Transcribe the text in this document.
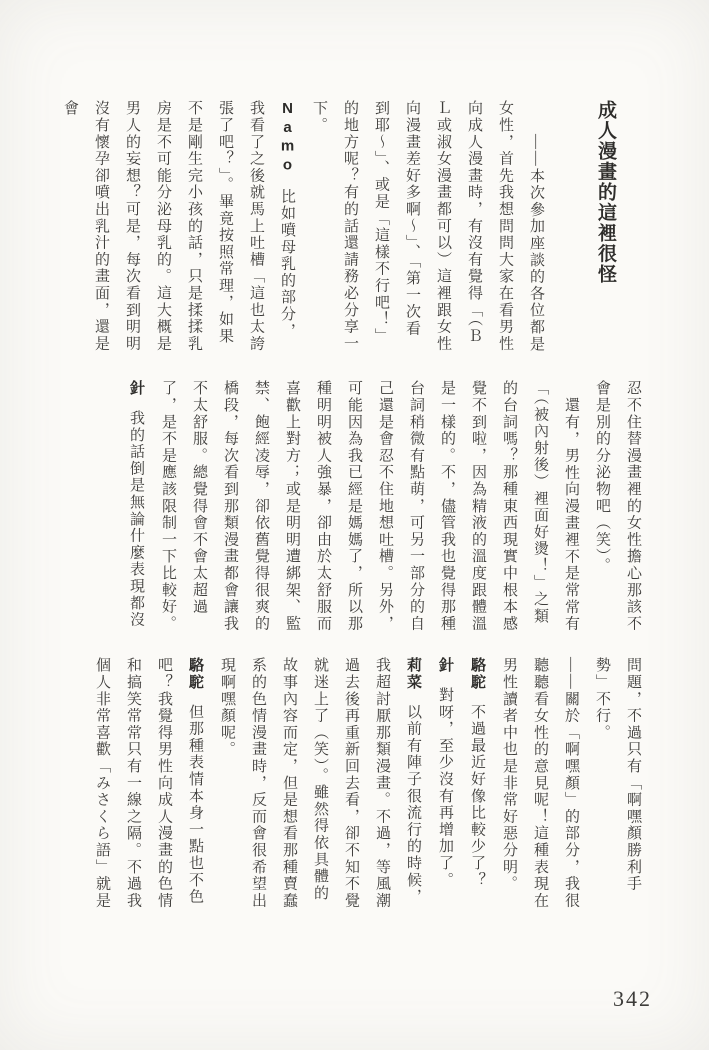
成人漫畫的這裡很怪

——本次參加座談的各位都是女性，首先我想問問大家在看男性向成人漫畫時，有沒有覺得「（ＢＬ或淑女漫畫都可以）這裡跟女性向漫畫差好多啊～」、「第一次看到耶～」、或是「這樣不行吧！」的地方呢？有的話還請務必分享一下。

Namo比如噴母乳的部分，我看了之後就馬上吐槽「這也太誇張了吧？」。畢竟按照常理，如果不是剛生完小孩的話，只是揉揉乳房是不可能分泌母乳的。這大概是男人的妄想？可是，每次看到明明沒有懷孕卻噴出乳汁的畫面，還是會

忍不住替漫畫裡的女性擔心那該不會是別的分泌物吧（笑）。

還有，男性向漫畫裡不是常常有「（被內射後）裡面好燙！」之類的台詞嗎？那種東西現實中根本感覺不到啦，因為精液的溫度跟體溫是一樣的。不，儘管我也覺得那種台詞稍微有點萌，可另一部分的自己還是會忍不住地想吐槽。另外，可能因為我已經是媽媽了，所以那種明明被人強暴，卻由於太舒服而喜歡上對方；或是明明遭綁架、監禁、飽經凌辱，卻依舊覺得很爽的橋段，每次看到那類漫畫都會讓我不太舒服。總覺得會不會太超過了，是不是應該限制一下比較好。

針我的話倒是無論什麼表現都沒

問題，不過只有「啊嘿顏勝利手勢」不行。

——關於「啊嘿顏」的部分，我很聽聽看女性的意見呢！這種表現在男性讀者中也是非常好惡分明。

駱駝不過最近好像比較少了？

針對呀，至少沒有再增加了。

莉菜以前有陣子很流行的時候，我超討厭那類漫畫。不過，等風潮過去後再重新回去看，卻不知不覺就迷上了（笑）。雖然得依具體的故事內容而定，但是想看那種賣蠢系的色情漫畫時，反而會很希望出現啊嘿顏呢。

駱駝但那種表情本身一點也不色吧？我覺得男性向成人漫畫的色情和搞笑常常只有一線之隔。不過我個人非常喜歡「みさくら語」就是

342
